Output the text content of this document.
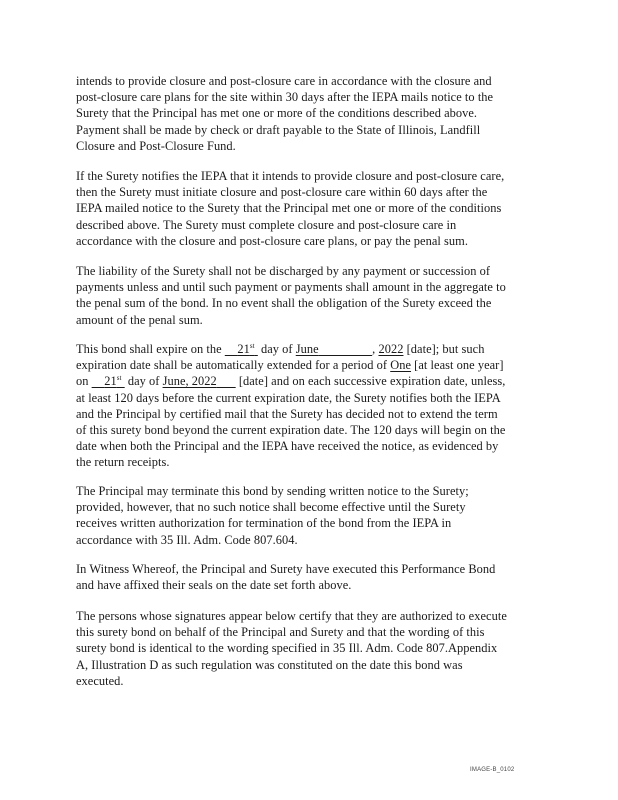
intends to provide closure and post-closure care in accordance with the closure and
post-closure care plans for the site within 30 days after the IEPA mails notice to the
Surety that the Principal has met one or more of the conditions described above.
Payment shall be made by check or draft payable to the State of Illinois, Landfill
Closure and Post-Closure Fund.

If the Surety notifies the IEPA that it intends to provide closure and post-closure care,
then the Surety must initiate closure and post-closure care within 60 days after the
IEPA mailed notice to the Surety that the Principal met one or more of the conditions
described above. The Surety must complete closure and post-closure care in
accordance with the closure and post-closure care plans, or pay the penal sum.

The liability of the Surety shall not be discharged by any payment or succession of
payments unless and until such payment or payments shall amount in the aggregate to
the penal sum of the bond. In no event shall the obligation of the Surety exceed the
amount of the penal sum.

This bond shall expire on the     21st  day of June	, 2022 [date]; but such
expiration date shall be automatically extended for a period of One [at least one year]
on     21st  day of June, 2022       [date] and on each successive expiration date, unless,
at least 120 days before the current expiration date, the Surety notifies both the IEPA
and the Principal by certified mail that the Surety has decided not to extend the term
of this surety bond beyond the current expiration date. The 120 days will begin on the
date when both the Principal and the IEPA have received the notice, as evidenced by
the return receipts.

The Principal may terminate this bond by sending written notice to the Surety;
provided, however, that no such notice shall become effective until the Surety
receives written authorization for termination of the bond from the IEPA in
accordance with 35 Ill. Adm. Code 807.604.

In Witness Whereof, the Principal and Surety have executed this Performance Bond
and have affixed their seals on the date set forth above.

The persons whose signatures appear below certify that they are authorized to execute
this surety bond on behalf of the Principal and Surety and that the wording of this
surety bond is identical to the wording specified in 35 Ill. Adm. Code 807.Appendix
A, Illustration D as such regulation was constituted on the date this bond was
executed.

IMAGE-B_0102
